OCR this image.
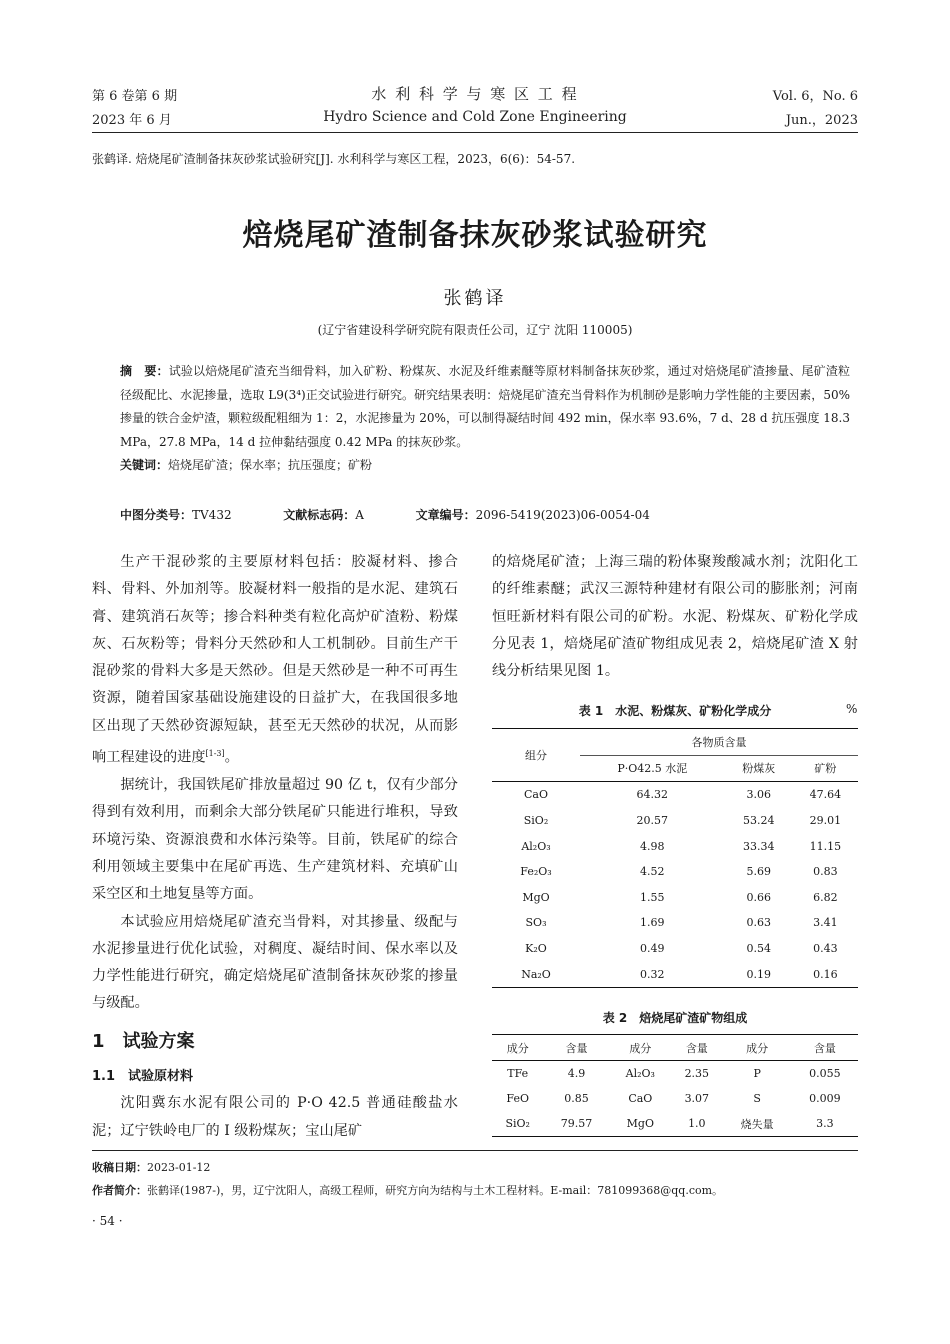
第 6 卷第 6 期
2023 年 6 月
水 利 科 学 与 寒 区 工 程
Hydro Science and Cold Zone Engineering
Vol. 6，No. 6
Jun.，2023
张鹤译. 焙烧尾矿渣制备抹灰砂浆试验研究[J]. 水利科学与寒区工程，2023，6(6)：54-57.
焙烧尾矿渣制备抹灰砂浆试验研究
张鹤译
(辽宁省建设科学研究院有限责任公司，辽宁 沈阳 110005)
摘　要：试验以焙烧尾矿渣充当细骨料，加入矿粉、粉煤灰、水泥及纤维素醚等原材料制备抹灰砂浆，通过对焙烧尾矿渣掺量、尾矿渣粒径级配比、水泥掺量，选取 L9(3⁴)正交试验进行研究。研究结果表明：焙烧尾矿渣充当骨料作为机制砂是影响力学性能的主要因素，50%掺量的铁合金炉渣，颗粒级配粗细为 1：2，水泥掺量为 20%，可以制得凝结时间 492 min，保水率 93.6%，7 d、28 d 抗压强度 18.3 MPa，27.8 MPa，14 d 拉伸黏结强度 0.42 MPa 的抹灰砂浆。
关键词：焙烧尾矿渣；保水率；抗压强度；矿粉
中图分类号：TV432	文献标志码：A	文章编号：2096-5419(2023)06-0054-04

生产干混砂浆的主要原材料包括：胶凝材料、掺合料、骨料、外加剂等。胶凝材料一般指的是水泥、建筑石膏、建筑消石灰等；掺合料种类有粒化高炉矿渣粉、粉煤灰、石灰粉等；骨料分天然砂和人工机制砂。目前生产干混砂浆的骨料大多是天然砂。但是天然砂是一种不可再生资源，随着国家基础设施建设的日益扩大，在我国很多地区出现了天然砂资源短缺，甚至无天然砂的状况，从而影响工程建设的进度[1-3]。

据统计，我国铁尾矿排放量超过 90 亿 t，仅有少部分得到有效利用，而剩余大部分铁尾矿只能进行堆积，导致环境污染、资源浪费和水体污染等。目前，铁尾矿的综合利用领域主要集中在尾矿再选、生产建筑材料、充填矿山采空区和土地复垦等方面。

本试验应用焙烧尾矿渣充当骨料，对其掺量、级配与水泥掺量进行优化试验，对稠度、凝结时间、保水率以及力学性能进行研究，确定焙烧尾矿渣制备抹灰砂浆的掺量与级配。

1　试验方案
1.1　试验原材料

沈阳冀东水泥有限公司的 P·O 42.5 普通硅酸盐水泥；辽宁铁岭电厂的 Ⅰ 级粉煤灰；宝山尾矿

的焙烧尾矿渣；上海三瑞的粉体聚羧酸减水剂；沈阳化工的纤维素醚；武汉三源特种建材有限公司的膨胀剂；河南恒旺新材料有限公司的矿粉。水泥、粉煤灰、矿粉化学成分见表 1，焙烧尾矿渣矿物组成见表 2，焙烧尾矿渣 X 射线分析结果见图 1。

表 1　水泥、粉煤灰、矿粉化学成分	%
组分	各物质含量		
	P·O42.5 水泥	粉煤灰	矿粉
CaO	64.32	3.06	47.64
SiO₂	20.57	53.24	29.01
Al₂O₃	4.98	33.34	11.15
Fe₂O₃	4.52	5.69	0.83
MgO	1.55	0.66	6.82
SO₃	1.69	0.63	3.41
K₂O	0.49	0.54	0.43
Na₂O	0.32	0.19	0.16
表 2　焙烧尾矿渣矿物组成
成分	含量	成分	含量	成分	含量
TFe	4.9	Al₂O₃	2.35	P	0.055
FeO	0.85	CaO	3.07	S	0.009
SiO₂	79.57	MgO	1.0	烧失量	3.3
收稿日期：2023-01-12
作者简介：张鹤译(1987-)，男，辽宁沈阳人，高级工程师，研究方向为结构与土木工程材料。E-mail：781099368@qq.com。
· 54 ·
